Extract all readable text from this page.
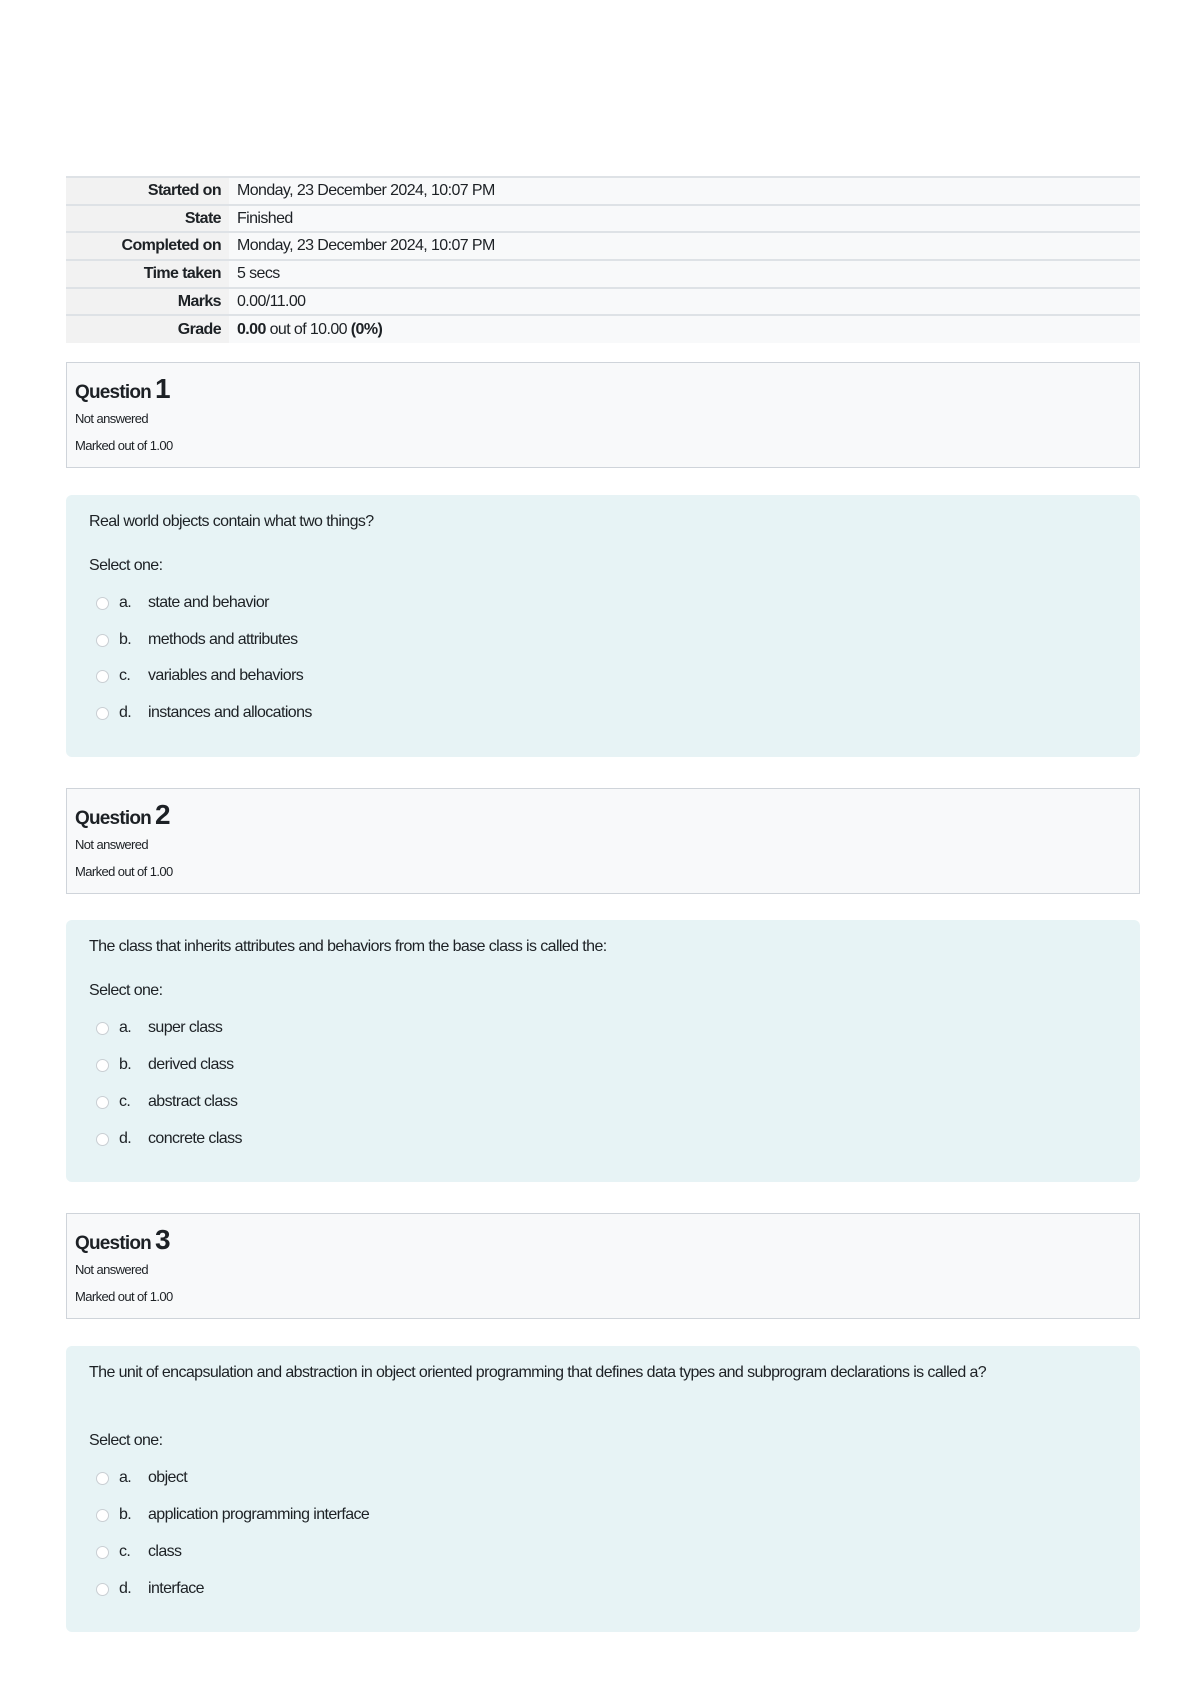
Started on	Monday, 23 December 2024, 10:07 PM
State	Finished
Completed on	Monday, 23 December 2024, 10:07 PM
Time taken	5 secs
Marks	0.00/11.00
Grade	0.00 out of 10.00 (0%)
Question 1
Not answered
Marked out of 1.00
Real world objects contain what two things?
Select one:
a.	state and behavior
b.	methods and attributes
c.	variables and behaviors
d.	instances and allocations
Question 2
Not answered
Marked out of 1.00
The class that inherits attributes and behaviors from the base class is called the:
Select one:
a.	super class
b.	derived class
c.	abstract class
d.	concrete class
Question 3
Not answered
Marked out of 1.00
The unit of encapsulation and abstraction in object oriented programming that defines data types and subprogram declarations is called a?
Select one:
a.	object
b.	application programming interface
c.	class
d.	interface
